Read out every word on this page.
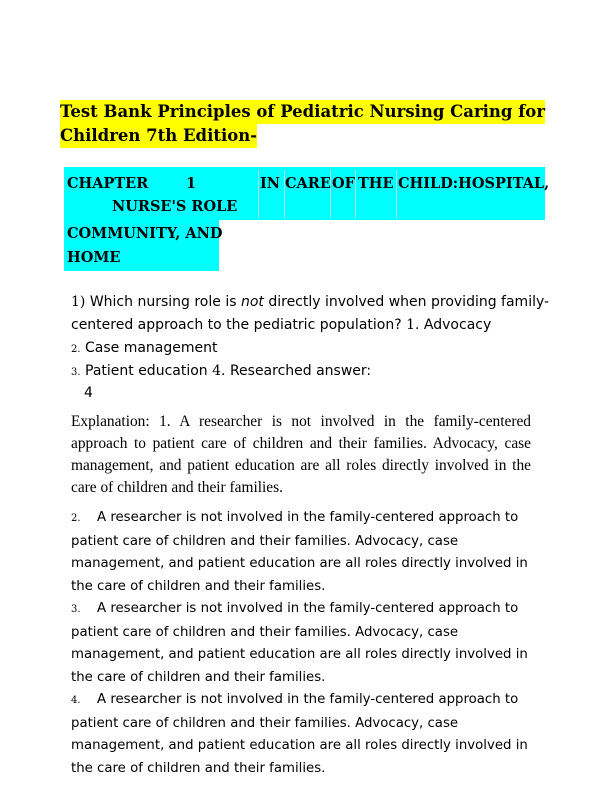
Test Bank Principles of Pediatric Nursing Caring for
Children 7th Edition-
CHAPTER	1	IN CARE OF THE CHILD:HOSPITAL,
NURSE'S ROLE
COMMUNITY, AND
HOME
1) Which nursing role is not directly involved when providing family-
centered approach to the pediatric population? 1. Advocacy
2. Case management
3. Patient education 4. Researched answer:
4
Explanation: 1. A researcher is not involved in the family-centered approach to patient care of children and their families. Advocacy, case management, and patient education are all roles directly involved in the care of children and their families.
2. A researcher is not involved in the family-centered approach to patient care of children and their families. Advocacy, case management, and patient education are all roles directly involved in the care of children and their families.
3. A researcher is not involved in the family-centered approach to patient care of children and their families. Advocacy, case management, and patient education are all roles directly involved in the care of children and their families.
4. A researcher is not involved in the family-centered approach to patient care of children and their families. Advocacy, case management, and patient education are all roles directly involved in the care of children and their families.
